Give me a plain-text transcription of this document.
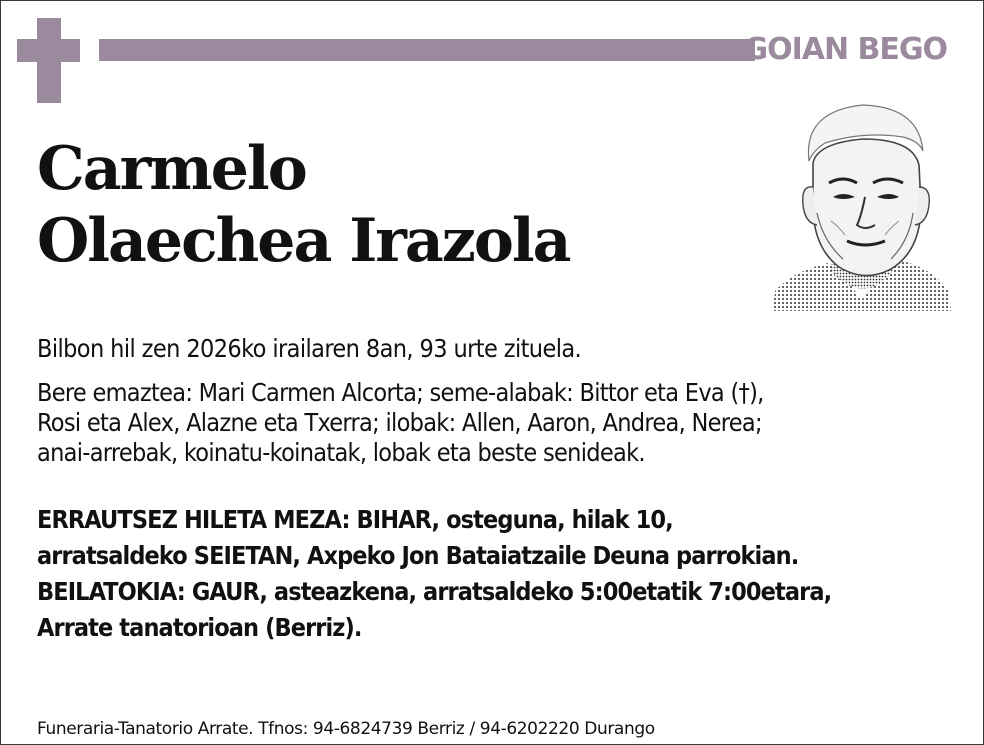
GOIAN BEGO
Carmelo
Olaechea Irazola
Bilbon hil zen 2026ko irailaren 8an, 93 urte zituela.
Bere emaztea: Mari Carmen Alcorta; seme-alabak: Bittor eta Eva (†),
Rosi eta Alex, Alazne eta Txerra; ilobak: Allen, Aaron, Andrea, Nerea;
anai-arrebak, koinatu-koinatak, lobak eta beste senideak.
ERRAUTSEZ HILETA MEZA: BIHAR, osteguna, hilak 10,
arratsaldeko SEIETAN, Axpeko Jon Bataiatzaile Deuna parrokian.
BEILATOKIA: GAUR, asteazkena, arratsaldeko 5:00etatik 7:00etara,
Arrate tanatorioan (Berriz).
Funeraria-Tanatorio Arrate. Tfnos: 94-6824739 Berriz / 94-6202220 Durango
